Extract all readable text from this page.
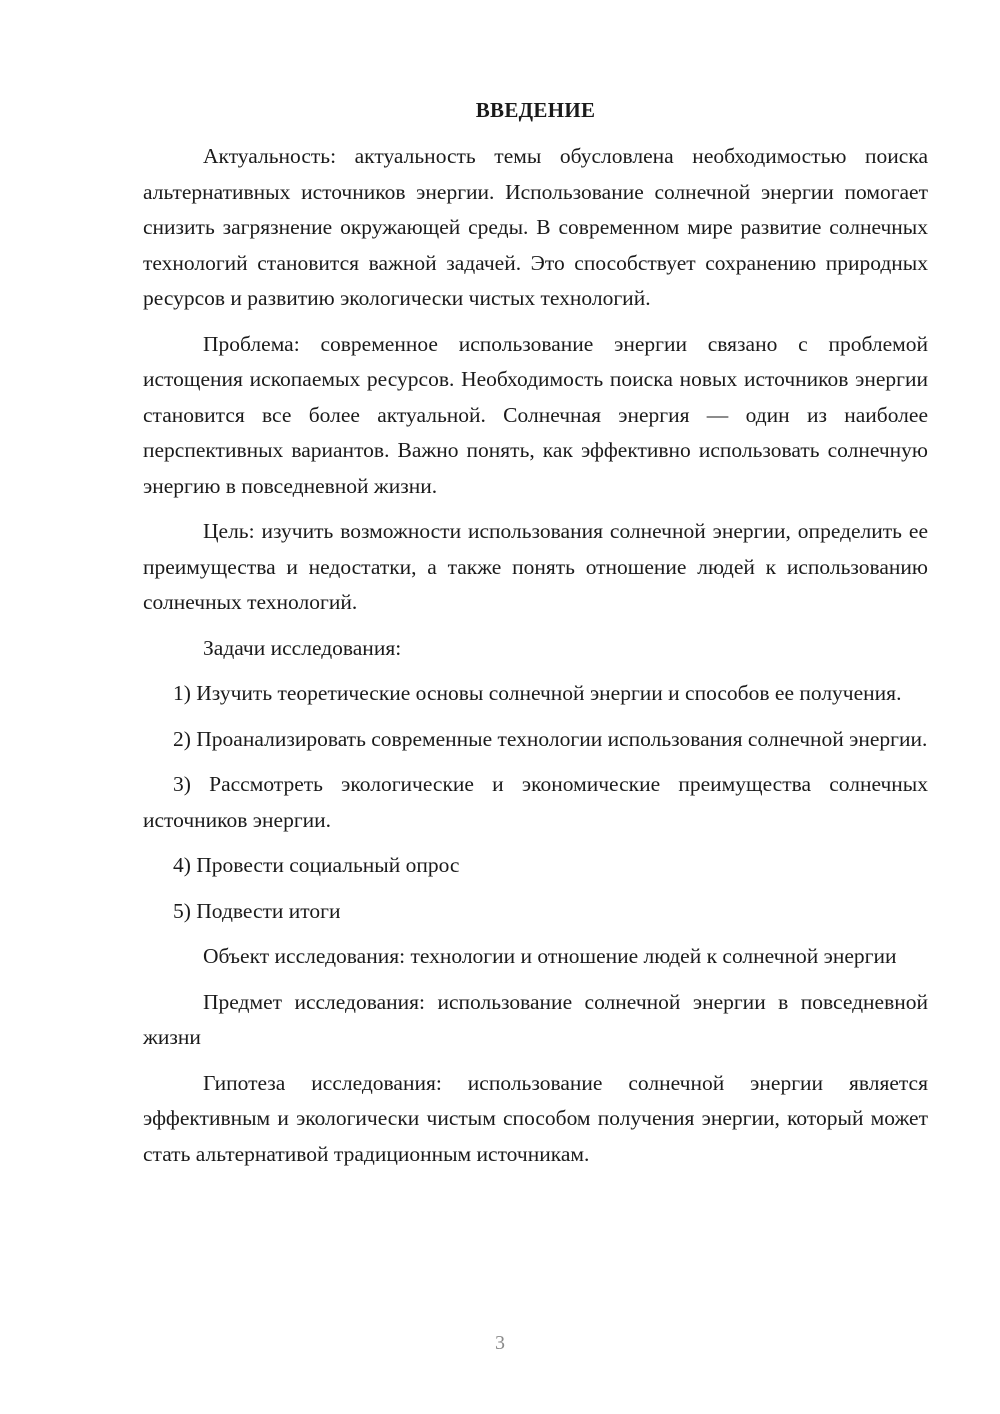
ВВЕДЕНИЕ

Актуальность: актуальность темы обусловлена необходимостью поиска альтернативных источников энергии. Использование солнечной энергии помогает снизить загрязнение окружающей среды. В современном мире развитие солнечных технологий становится важной задачей. Это способствует сохранению природных ресурсов и развитию экологически чистых технологий.

Проблема: современное использование энергии связано с проблемой истощения ископаемых ресурсов. Необходимость поиска новых источников энергии становится все более актуальной. Солнечная энергия — один из наиболее перспективных вариантов. Важно понять, как эффективно использовать солнечную энергию в повседневной жизни.

Цель: изучить возможности использования солнечной энергии, определить ее преимущества и недостатки, а также понять отношение людей к использованию солнечных технологий.

Задачи исследования:

1) Изучить теоретические основы солнечной энергии и способов ее получения.

2) Проанализировать современные технологии использования солнечной энергии.

3) Рассмотреть экологические и экономические преимущества солнечных источников энергии.

4) Провести социальный опрос

5) Подвести итоги

Объект исследования: технологии и отношение людей к солнечной энергии

Предмет исследования: использование солнечной энергии в повседневной жизни

Гипотеза исследования: использование солнечной энергии является эффективным и экологически чистым способом получения энергии, который может стать альтернативой традиционным источникам.

3
